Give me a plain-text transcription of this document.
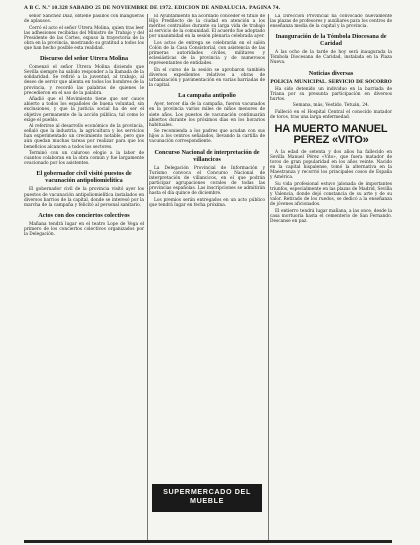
A B C. N.º 10.328 SABADO 25 DE NOVIEMBRE DE 1972. EDICION DE ANDALUCIA. PAGINA 74.

señor Sánchez Díaz, obtiene pasillos con mangueras de aplausos.

Cerró el acto el señor Utrera Molina, quien tras leer las adhesiones recibidas del Ministro de Trabajo y del Presidente de las Cortes, expuso la trayectoria de la obra en la provincia, mostrando su gratitud a todos los que han hecho posible esta realidad.

Discurso del señor Utrera Molina

Comenzó el señor Utrera Molina diciendo que Sevilla siempre ha sabido responder a la llamada de la solidaridad. Se refirió a la juventud, al trabajo, al deseo de servir que alienta en todos los hombres de la provincia, y recordó las palabras de quienes le precedieron en el uso de la palabra.

Añadió que el Movimiento tiene que ser cauce abierto a todos los españoles de buena voluntad, sin exclusiones, y que la justicia social ha de ser el objetivo permanente de la acción pública, tal como lo exige el pueblo.

Al referirse al desarrollo económico de la provincia, señaló que la industria, la agricultura y los servicios han experimentado un crecimiento notable, pero que aún quedan muchas tareas por realizar para que los beneficios alcancen a todos los sectores.

Terminó con un caluroso elogio a la labor de cuantos colaboran en la obra común y fue largamente ovacionado por los asistentes.

El gobernador civil visitó puestos de vacunación antipoliomielítica

El gobernador civil de la provincia visitó ayer los puestos de vacunación antipoliomielítica instalados en diversos barrios de la capital, donde se interesó por la marcha de la campaña y felicitó al personal sanitario.

Actos con dos conciertos colectivos

Mañana tendrá lugar en el teatro Lope de Vega el primero de los conciertos colectivos organizados por la Delegación.

El Ayuntamiento ha acordado conceder el título de Hijo Predilecto de la ciudad en atención a los méritos contraídos durante su larga vida de trabajo al servicio de la comunidad. El acuerdo fue adoptado por unanimidad en la sesión plenaria celebrada ayer.

Los actos de entrega se celebrarán en el salón Colón de la Casa Consistorial, con asistencia de las primeras autoridades civiles, militares y eclesiásticas de la provincia y de numerosos representantes de entidades.

En el curso de la sesión se aprobaron también diversos expedientes relativos a obras de urbanización y pavimentación en varias barriadas de la capital.

La campaña antipolio

Ayer, tercer día de la campaña, fueron vacunados en la provincia varios miles de niños menores de siete años. Los puestos de vacunación continuarán abiertos durante los próximos días en los horarios habituales.

Se recomienda a los padres que acudan con sus hijos a los centros señalados, llevando la cartilla de vacunación correspondiente.

Concurso Nacional de interpretación de villancicos

La Delegación Provincial de Información y Turismo convoca el Concurso Nacional de interpretación de villancicos, en el que podrán participar agrupaciones corales de todas las provincias españolas. Las inscripciones se admitirán hasta el día quince de diciembre.

Los premios serán entregados en un acto público que tendrá lugar en fecha próxima.

La Dirección Provincial ha convocado nuevamente las plazas de profesores y auxiliares para los centros de enseñanza media de la capital y la provincia.

Inauguración de la Tómbola Diocesana de Caridad

A las ocho de la tarde de hoy será inaugurada la Tómbola Diocesana de Caridad, instalada en la Plaza Nueva.

Noticias diversas
POLICIA MUNICIPAL. SERVICIO DE SOCORRO

Ha sido detenido un individuo en la barriada de Triana por su presunta participación en diversos hurtos.

Semana, más, Vestido. Tetuán, 24.

Falleció en el Hospital Central el conocido matador de toros, tras una larga enfermedad.

HA MUERTO MANUEL PEREZ «VITO»

A la edad de setenta y dos años ha fallecido en Sevilla Manuel Pérez «Vito», que fuera matador de toros de gran popularidad en los años veinte. Nacido en la capital hispalense, tomó la alternativa en la Maestranza y recorrió los principales cosos de España y América.

Su vida profesional estuvo jalonada de importantes triunfos, especialmente en las plazas de Madrid, Sevilla y Valencia, donde dejó constancia de su arte y de su valor. Retirado de los ruedos, se dedicó a la enseñanza de jóvenes aficionados.

El entierro tendrá lugar mañana, a las once, desde la casa mortuoria hasta el cementerio de San Fernando. Descanse en paz.

SUPERMERCADO DEL MUEBLE
